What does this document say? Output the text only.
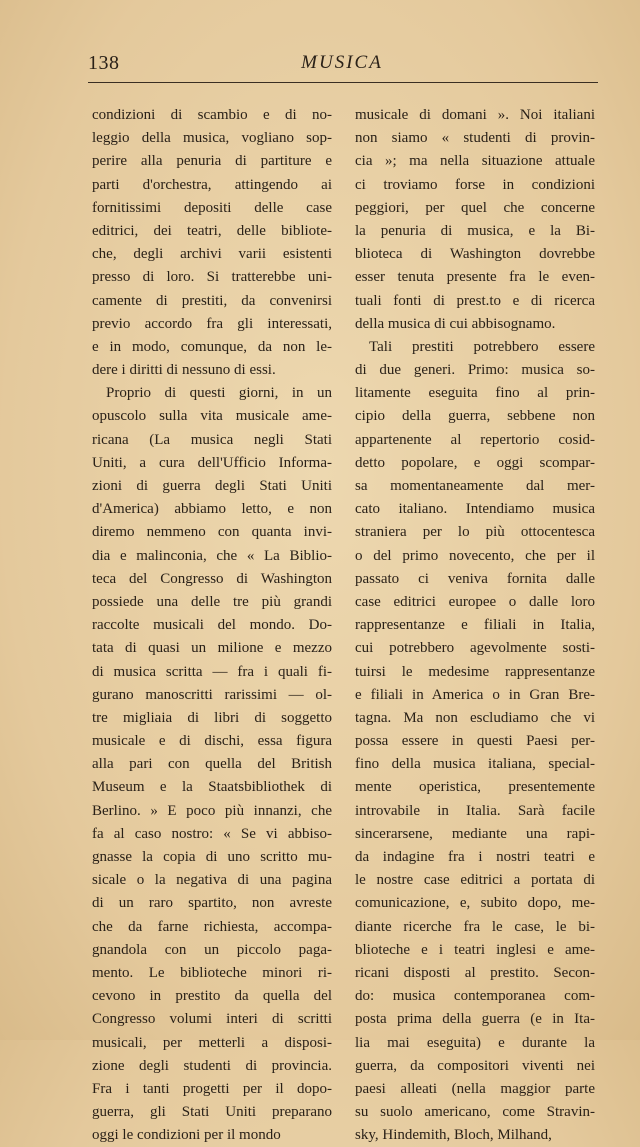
138	MUSICA
condizioni di scambio e di no-
leggio della musica, vogliano sop-
perire alla penuria di partiture e
parti d'orchestra, attingendo ai
fornitissimi depositi delle case
editrici, dei teatri, delle bibliote-
che, degli archivi varii esistenti
presso di loro. Si tratterebbe uni-
camente di prestiti, da convenirsi
previo accordo fra gli interessati,
e in modo, comunque, da non le-
dere i diritti di nessuno di essi.
Proprio di questi giorni, in un
opuscolo sulla vita musicale ame-
ricana (La musica negli Stati
Uniti, a cura dell'Ufficio Informa-
zioni di guerra degli Stati Uniti
d'America) abbiamo letto, e non
diremo nemmeno con quanta invi-
dia e malinconia, che « La Biblio-
teca del Congresso di Washington
possiede una delle tre più grandi
raccolte musicali del mondo. Do-
tata di quasi un milione e mezzo
di musica scritta — fra i quali fi-
gurano manoscritti rarissimi — ol-
tre migliaia di libri di soggetto
musicale e di dischi, essa figura
alla pari con quella del British
Museum e la Staatsbibliothek di
Berlino. » E poco più innanzi, che
fa al caso nostro: « Se vi abbiso-
gnasse la copia di uno scritto mu-
sicale o la negativa di una pagina
di un raro spartito, non avreste
che da farne richiesta, accompa-
gnandola con un piccolo paga-
mento. Le biblioteche minori ri-
cevono in prestito da quella del
Congresso volumi interi di scritti
musicali, per metterli a disposi-
zione degli studenti di provincia.
Fra i tanti progetti per il dopo-
guerra, gli Stati Uniti preparano
oggi le condizioni per il mondo
musicale di domani ». Noi italiani
non siamo « studenti di provin-
cia »; ma nella situazione attuale
ci troviamo forse in condizioni
peggiori, per quel che concerne
la penuria di musica, e la Bi-
blioteca di Washington dovrebbe
esser tenuta presente fra le even-
tuali fonti di prest.to e di ricerca
della musica di cui abbisognamo.
Tali prestiti potrebbero essere
di due generi. Primo: musica so-
litamente eseguita fino al prin-
cipio della guerra, sebbene non
appartenente al repertorio cosid-
detto popolare, e oggi scompar-
sa momentaneamente dal mer-
cato italiano. Intendiamo musica
straniera per lo più ottocentesca
o del primo novecento, che per il
passato ci veniva fornita dalle
case editrici europee o dalle loro
rappresentanze e filiali in Italia,
cui potrebbero agevolmente sosti-
tuirsi le medesime rappresentanze
e filiali in America o in Gran Bre-
tagna. Ma non escludiamo che vi
possa essere in questi Paesi per-
fino della musica italiana, special-
mente operistica, presentemente
introvabile in Italia. Sarà facile
sincerarsene, mediante una rapi-
da indagine fra i nostri teatri e
le nostre case editrici a portata di
comunicazione, e, subito dopo, me-
diante ricerche fra le case, le bi-
blioteche e i teatri inglesi e ame-
ricani disposti al prestito. Secon-
do: musica contemporanea com-
posta prima della guerra (e in Ita-
lia mai eseguita) e durante la
guerra, da compositori viventi nei
paesi alleati (nella maggior parte
su suolo americano, come Stravin-
sky, Hindemith, Bloch, Milhand,
